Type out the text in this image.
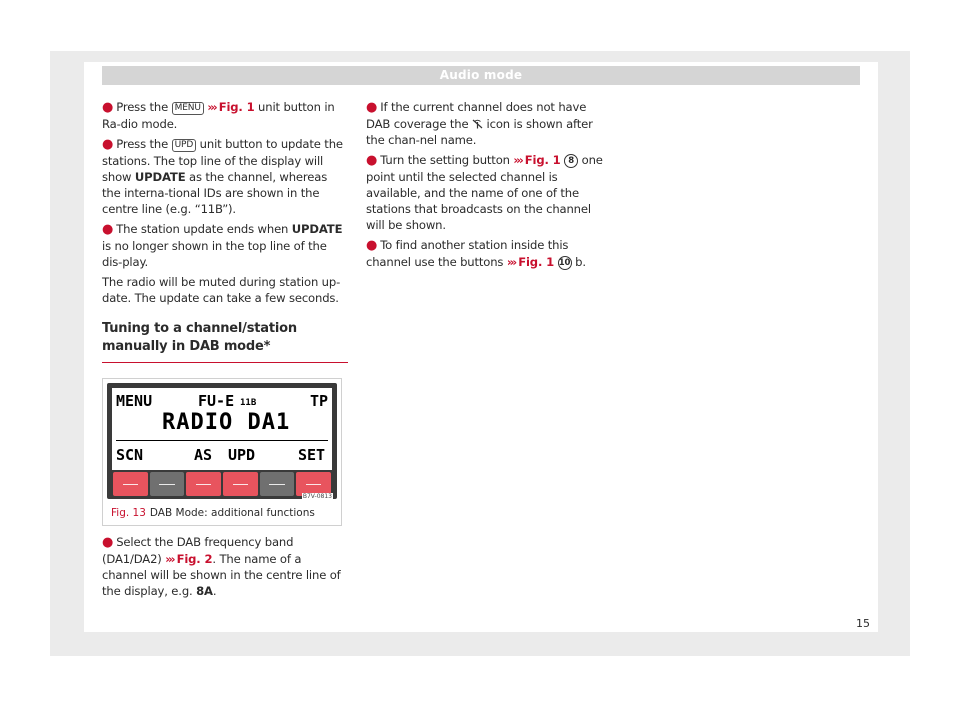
Audio mode

● Press the MENU ››› Fig. 1 unit button in Ra-dio mode.

● Press the UPD unit button to update the stations. The top line of the display will show UPDATE as the channel, whereas the interna-tional IDs are shown in the centre line (e.g. “11B”).

● The station update ends when UPDATE is no longer shown in the top line of the dis-play.

The radio will be muted during station up-date. The update can take a few seconds.

Tuning to a channel/station manually in DAB mode*
MENU	FU-E 11B	TP
RADIO DA1
SCN	AS UPD	SET
B7V-0813
Fig. 13 DAB Mode: additional functions

● Select the DAB frequency band (DA1/DA2) ››› Fig. 2. The name of a channel will be shown in the centre line of the display, e.g. 8A.

● If the current channel does not have DAB coverage the icon is shown after the chan-nel name.

● Turn the setting button ››› Fig. 1 8 one point until the selected channel is available, and the name of one of the stations that broadcasts on the channel will be shown.

● To find another station inside this channel use the buttons ››› Fig. 1 10 b.

15
